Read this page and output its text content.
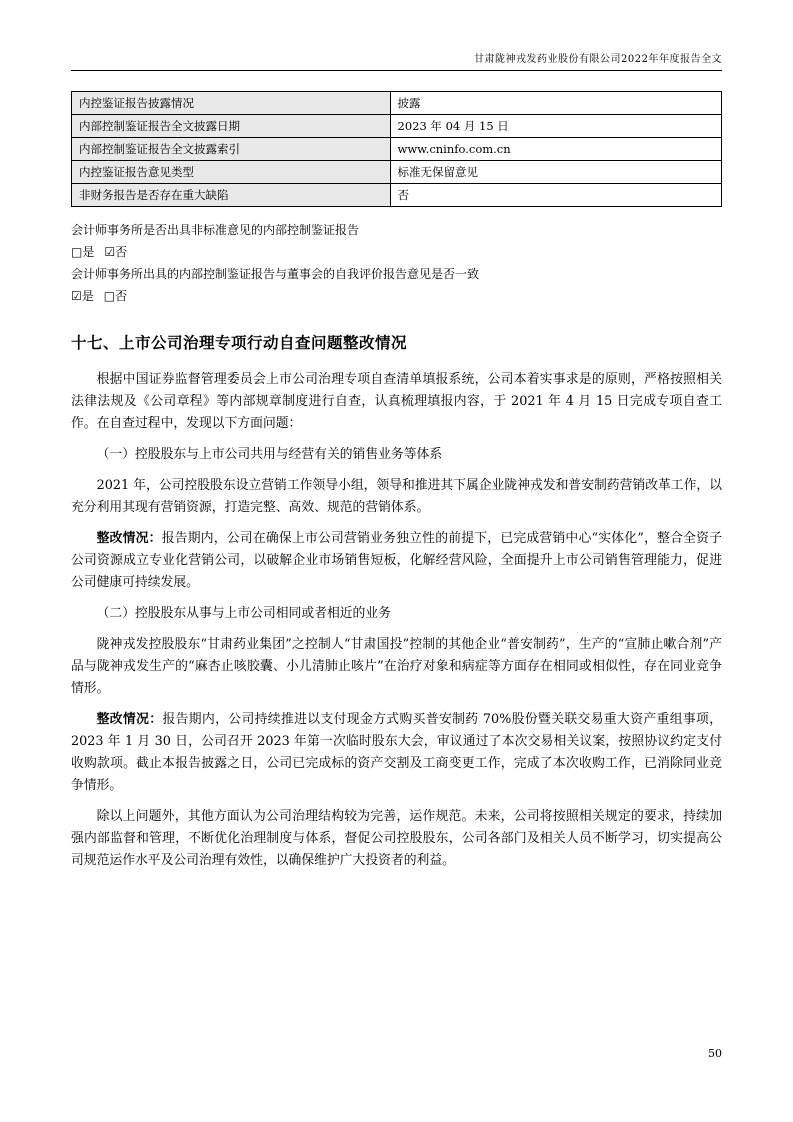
甘肃陇神戎发药业股份有限公司2022年年度报告全文
内控鉴证报告披露情况	披露
内部控制鉴证报告全文披露日期	2023 年 04 月 15 日
内部控制鉴证报告全文披露索引	www.cninfo.com.cn
内控鉴证报告意见类型	标准无保留意见
非财务报告是否存在重大缺陷	否

会计师事务所是否出具非标准意见的内部控制鉴证报告

□是 ☑否

会计师事务所出具的内部控制鉴证报告与董事会的自我评价报告意见是否一致

☑是 □否

十七、上市公司治理专项行动自查问题整改情况

根据中国证券监督管理委员会上市公司治理专项自查清单填报系统，公司本着实事求是的原则，严格按照相关法律法规及《公司章程》等内部规章制度进行自查，认真梳理填报内容，于 2021 年 4 月 15 日完成专项自查工作。在自查过程中，发现以下方面问题：

（一）控股股东与上市公司共用与经营有关的销售业务等体系

2021 年，公司控股股东设立营销工作领导小组，领导和推进其下属企业陇神戎发和普安制药营销改革工作，以充分利用其现有营销资源，打造完整、高效、规范的营销体系。

整改情况：报告期内，公司在确保上市公司营销业务独立性的前提下，已完成营销中心“实体化”，整合全资子公司资源成立专业化营销公司，以破解企业市场销售短板，化解经营风险，全面提升上市公司销售管理能力，促进公司健康可持续发展。

（二）控股股东从事与上市公司相同或者相近的业务

陇神戎发控股股东“甘肃药业集团”之控制人“甘肃国投”控制的其他企业“普安制药”，生产的“宣肺止嗽合剂”产品与陇神戎发生产的“麻杏止咳胶囊、小儿清肺止咳片”在治疗对象和病症等方面存在相同或相似性，存在同业竞争情形。

整改情况：报告期内，公司持续推进以支付现金方式购买普安制药 70%股份暨关联交易重大资产重组事项， 2023 年 1 月 30 日，公司召开 2023 年第一次临时股东大会，审议通过了本次交易相关议案，按照协议约定支付收购款项。截止本报告披露之日，公司已完成标的资产交割及工商变更工作，完成了本次收购工作，已消除同业竞争情形。

除以上问题外，其他方面认为公司治理结构较为完善，运作规范。未来，公司将按照相关规定的要求，持续加强内部监督和管理，不断优化治理制度与体系，督促公司控股股东，公司各部门及相关人员不断学习，切实提高公司规范运作水平及公司治理有效性，以确保维护广大投资者的利益。

50
